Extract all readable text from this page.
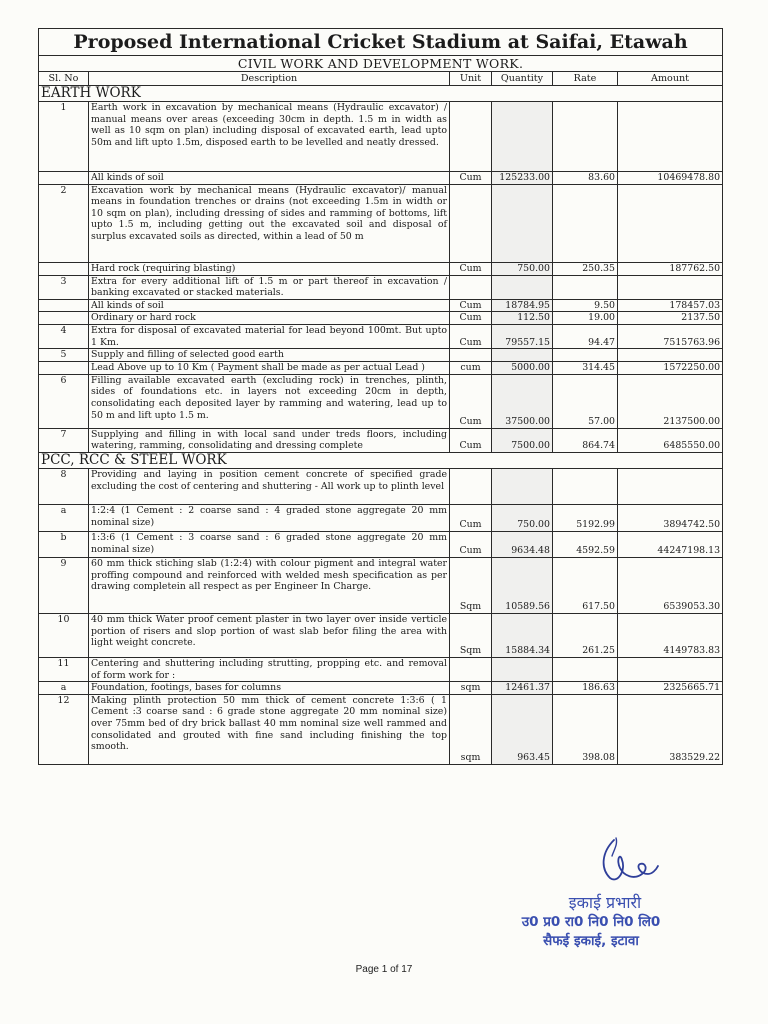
Proposed International Cricket Stadium at Saifai, Etawah					
CIVIL WORK AND DEVELOPMENT WORK.					
Sl. No	Description	Unit	Quantity	Rate	Amount
EARTH WORK					
1	Earth work in excavation by mechanical means (Hydraulic excavator) / manual means over areas (exceeding 30cm in depth. 1.5 m in width as well as 10 sqm on plan) including disposal of excavated earth, lead upto 50m and lift upto 1.5m, disposed earth to be levelled and neatly dressed.				
	All kinds of soil	Cum	125233.00	83.60	10469478.80
2	Excavation work by mechanical means (Hydraulic excavator)/ manual means in foundation trenches or drains (not exceeding 1.5m in width or 10 sqm on plan), including dressing of sides and ramming of bottoms, lift upto 1.5 m, including getting out the excavated soil and disposal of surplus excavated soils as directed, within a lead of 50 m				
	Hard rock (requiring blasting)	Cum	750.00	250.35	187762.50
3	Extra for every additional lift of 1.5 m or part thereof in excavation / banking excavated or stacked materials.				
	All kinds of soil	Cum	18784.95	9.50	178457.03
	Ordinary or hard rock	Cum	112.50	19.00	2137.50
4	Extra for disposal of excavated material for lead beyond 100mt. But upto 1 Km.	Cum	79557.15	94.47	7515763.96
5	Supply and filling of selected good earth				
	Lead Above up to 10 Km ( Payment shall be made as per actual Lead )	cum	5000.00	314.45	1572250.00
6	Filling available excavated earth (excluding rock) in trenches, plinth, sides of foundations etc. in layers not exceeding 20cm in depth, consolidating each deposited layer by ramming and watering, lead up to 50 m and lift upto 1.5 m.	Cum	37500.00	57.00	2137500.00
7	Supplying and filling in with local sand under treds floors, including watering, ramming, consolidating and dressing complete	Cum	7500.00	864.74	6485550.00
PCC, RCC & STEEL WORK					
8	Providing and laying in position cement concrete of specified grade excluding the cost of centering and shuttering - All work up to plinth level				
a	1:2:4 (1 Cement : 2 coarse sand : 4 graded stone aggregate 20 mm nominal size)	Cum	750.00	5192.99	3894742.50
b	1:3:6 (1 Cement : 3 coarse sand : 6 graded stone aggregate 20 mm nominal size)	Cum	9634.48	4592.59	44247198.13
9	60 mm thick stiching slab (1:2:4) with colour pigment and integral water proffing compound and reinforced with welded mesh specification as per drawing completein all respect as per Engineer In Charge.	Sqm	10589.56	617.50	6539053.30
10	40 mm thick Water proof cement plaster in two layer over inside verticle portion of risers and slop portion of wast slab befor filing the area with light weight concrete.	Sqm	15884.34	261.25	4149783.83
11	Centering and shuttering including strutting, propping etc. and removal of form work for :				
a	Foundation, footings, bases for columns	sqm	12461.37	186.63	2325665.71
12	Making plinth protection 50 mm thick of cement concrete 1:3:6 ( 1 Cement :3 coarse sand : 6 grade stone aggregate 20 mm nominal size) over 75mm bed of dry brick ballast 40 mm nominal size well rammed and consolidated and grouted with fine sand including finishing the top smooth.	sqm	963.45	398.08	383529.22
इकाई प्रभारी
उ0 प्र0 रा0 नि0 नि0 लि0
सैफई इकाई, इटावा
Page 1 of 17
